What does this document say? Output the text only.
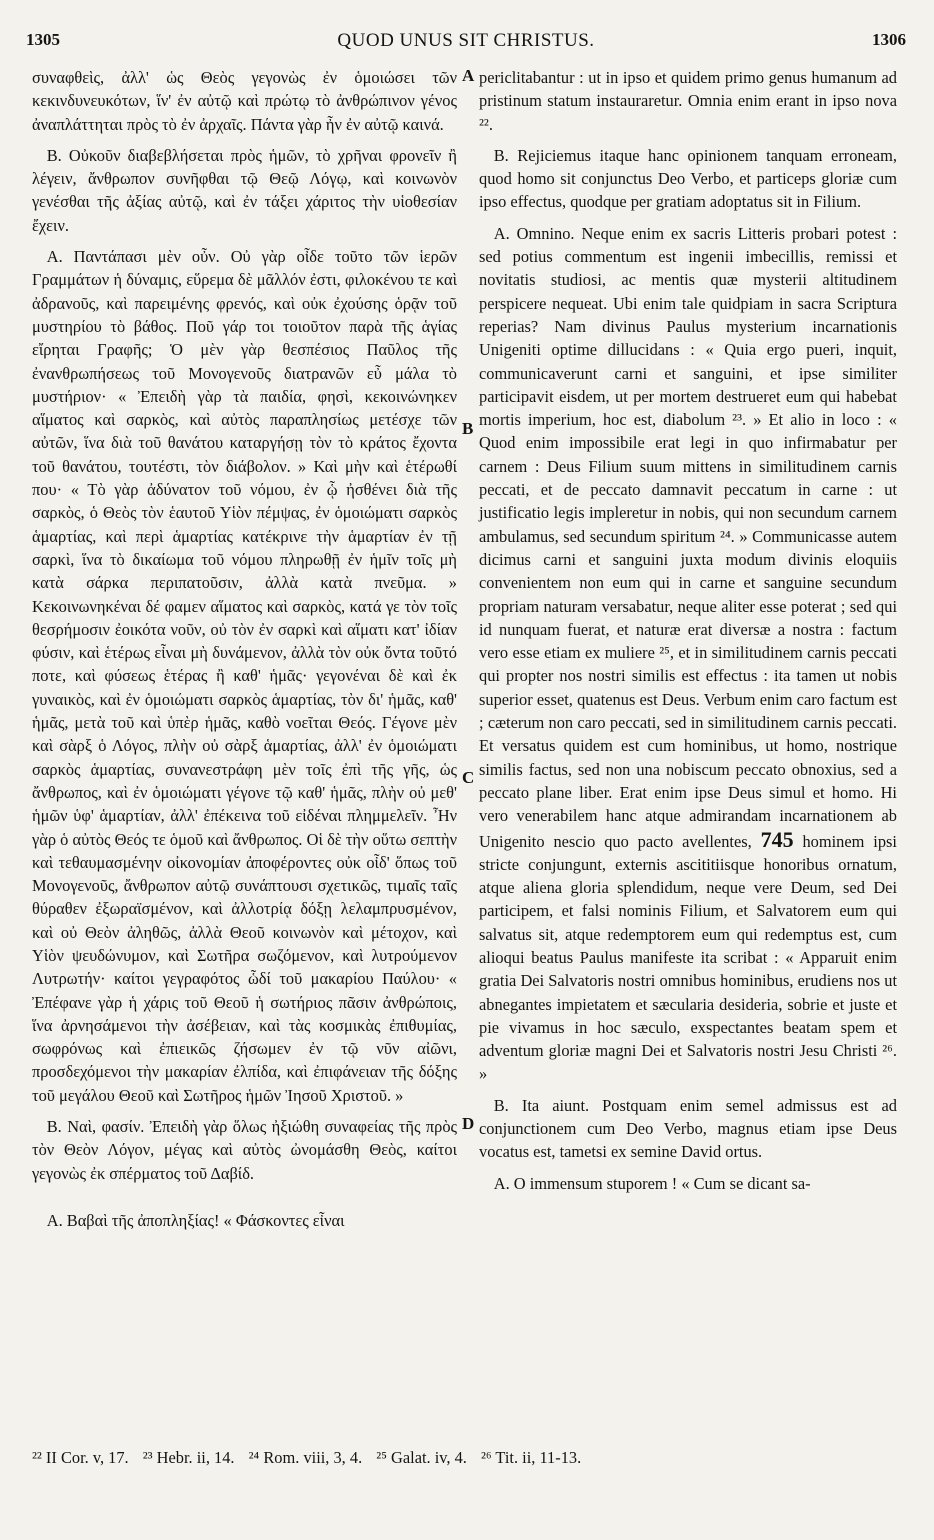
1305	QUOD UNUS SIT CHRISTUS.	1306

συναφθεὶς, ἀλλ' ὡς Θεὸς γεγονὼς ἐν ὁμοιώσει τῶν κεκινδυνευκότων, ἵν' ἐν αὐτῷ καὶ πρώτῳ τὸ ἀνθρώπινον γένος ἀναπλάττηται πρὸς τὸ ἐν ἀρχαῖς. Πάντα γὰρ ἦν ἐν αὐτῷ καινά.

B. Οὐκοῦν διαβεβλήσεται πρὸς ἡμῶν, τὸ χρῆναι φρονεῖν ἢ λέγειν, ἄνθρωπον συνῆφθαι τῷ Θεῷ Λόγῳ, καὶ κοινωνὸν γενέσθαι τῆς ἀξίας αὐτῷ, καὶ ἐν τάξει χάριτος τὴν υἱοθεσίαν ἔχειν.

A. Παντάπασι μὲν οὖν. Οὐ γὰρ οἶδε τοῦτο τῶν ἱερῶν Γραμμάτων ἡ δύναμις, εὕρεμα δὲ μᾶλλόν ἐστι, φιλοκένου τε καὶ ἀδρανοῦς, καὶ παρειμένης φρενός, καὶ οὐκ ἐχούσης ὁρᾷν τοῦ μυστηρίου τὸ βάθος. Ποῦ γάρ τοι τοιοῦτον παρὰ τῆς ἁγίας εἴρηται Γραφῆς; Ὁ μὲν γὰρ θεσπέσιος Παῦλος τῆς ἐνανθρωπήσεως τοῦ Μονογενοῦς διατρανῶν εὖ μάλα τὸ μυστήριον· « Ἐπειδὴ γὰρ τὰ παιδία, φησὶ, κεκοινώνηκεν αἵματος καὶ σαρκὸς, καὶ αὐτὸς παραπλησίως μετέσχε τῶν αὐτῶν, ἵνα διὰ τοῦ θανάτου καταργήσῃ τὸν τὸ κράτος ἔχοντα τοῦ θανάτου, τουτέστι, τὸν διάβολον. » Καὶ μὴν καὶ ἑτέρωθί που· « Τὸ γὰρ ἀδύνατον τοῦ νόμου, ἐν ᾧ ἠσθένει διὰ τῆς σαρκὸς, ὁ Θεὸς τὸν ἑαυτοῦ Υἱὸν πέμψας, ἐν ὁμοιώματι σαρκὸς ἁμαρτίας, καὶ περὶ ἁμαρτίας κατέκρινε τὴν ἁμαρτίαν ἐν τῇ σαρκὶ, ἵνα τὸ δικαίωμα τοῦ νόμου πληρωθῇ ἐν ἡμῖν τοῖς μὴ κατὰ σάρκα περιπατοῦσιν, ἀλλὰ κατὰ πνεῦμα. » Κεκοινωνηκέναι δέ φαμεν αἵματος καὶ σαρκὸς, κατά γε τὸν τοῖς θεσρήμοσιν ἐοικότα νοῦν, οὐ τὸν ἐν σαρκὶ καὶ αἵματι κατ' ἰδίαν φύσιν, καὶ ἑτέρως εἶναι μὴ δυνάμενον, ἀλλὰ τὸν οὐκ ὄντα τοῦτό ποτε, καὶ φύσεως ἑτέρας ἢ καθ' ἡμᾶς· γεγονέναι δὲ καὶ ἐκ γυναικὸς, καὶ ἐν ὁμοιώματι σαρκὸς ἁμαρτίας, τὸν δι' ἡμᾶς, καθ' ἡμᾶς, μετὰ τοῦ καὶ ὑπὲρ ἡμᾶς, καθὸ νοεῖται Θεός. Γέγονε μὲν καὶ σὰρξ ὁ Λόγος, πλὴν οὐ σὰρξ ἁμαρτίας, ἀλλ' ἐν ὁμοιώματι σαρκὸς ἁμαρτίας, συνανεστράφη μὲν τοῖς ἐπὶ τῆς γῆς, ὡς ἄνθρωπος, καὶ ἐν ὁμοιώματι γέγονε τῷ καθ' ἡμᾶς, πλὴν οὐ μεθ' ἡμῶν ὑφ' ἁμαρτίαν, ἀλλ' ἐπέκεινα τοῦ εἰδέναι πλημμελεῖν. Ἦν γὰρ ὁ αὐτὸς Θεός τε ὁμοῦ καὶ ἄνθρωπος. Οἱ δὲ τὴν οὕτω σεπτὴν καὶ τεθαυμασμένην οἰκονομίαν ἀποφέροντες οὐκ οἶδ' ὅπως τοῦ Μονογενοῦς, ἄνθρωπον αὐτῷ συνάπτουσι σχετικῶς, τιμαῖς ταῖς θύραθεν ἐξωραϊσμένον, καὶ ἀλλοτρίᾳ δόξῃ λελαμπρυσμένον, καὶ οὐ Θεὸν ἀληθῶς, ἀλλὰ Θεοῦ κοινωνὸν καὶ μέτοχον, καὶ Υἱὸν ψευδώνυμον, καὶ Σωτῆρα σωζόμενον, καὶ λυτρούμενον Λυτρωτήν· καίτοι γεγραφότος ὧδί τοῦ μακαρίου Παύλου· « Ἐπέφανε γὰρ ἡ χάρις τοῦ Θεοῦ ἡ σωτήριος πᾶσιν ἀνθρώποις, ἵνα ἀρνησάμενοι τὴν ἀσέβειαν, καὶ τὰς κοσμικὰς ἐπιθυμίας, σωφρόνως καὶ ἐπιεικῶς ζήσωμεν ἐν τῷ νῦν αἰῶνι, προσδεχόμενοι τὴν μακαρίαν ἐλπίδα, καὶ ἐπιφάνειαν τῆς δόξης τοῦ μεγάλου Θεοῦ καὶ Σωτῆρος ἡμῶν Ἰησοῦ Χριστοῦ. »

B. Ναὶ, φασίν. Ἐπειδὴ γὰρ ὅλως ἠξιώθη συναφείας τῆς πρὸς τὸν Θεὸν Λόγον, μέγας καὶ αὐτὸς ὠνομάσθη Θεὸς, καίτοι γεγονὼς ἐκ σπέρματος τοῦ Δαβίδ.

A. Βαβαὶ τῆς ἀποπληξίας! « Φάσκοντες εἶναι

A
B
C
D

periclitabantur : ut in ipso et quidem primo genus humanum ad pristinum statum instauraretur. Omnia enim erant in ipso nova ²².

B. Rejiciemus itaque hanc opinionem tanquam erroneam, quod homo sit conjunctus Deo Verbo, et particeps gloriæ cum ipso effectus, quodque per gratiam adoptatus sit in Filium.

A. Omnino. Neque enim ex sacris Litteris probari potest : sed potius commentum est ingenii imbecillis, remissi et novitatis studiosi, ac mentis quæ mysterii altitudinem perspicere nequeat. Ubi enim tale quidpiam in sacra Scriptura reperias? Nam divinus Paulus mysterium incarnationis Unigeniti optime dillucidans : « Quia ergo pueri, inquit, communicaverunt carni et sanguini, et ipse similiter participavit eisdem, ut per mortem destrueret eum qui habebat mortis imperium, hoc est, diabolum ²³. » Et alio in loco : « Quod enim impossibile erat legi in quo infirmabatur per carnem : Deus Filium suum mittens in similitudinem carnis peccati, et de peccato damnavit peccatum in carne : ut justificatio legis impleretur in nobis, qui non secundum carnem ambulamus, sed secundum spiritum ²⁴. » Communicasse autem dicimus carni et sanguini juxta modum divinis eloquiis convenientem non eum qui in carne et sanguine secundum propriam naturam versabatur, neque aliter esse poterat ; sed qui id nunquam fuerat, et naturæ erat diversæ a nostra : factum vero esse etiam ex muliere ²⁵, et in similitudinem carnis peccati qui propter nos nostri similis est effectus : ita tamen ut nobis superior esset, quatenus est Deus. Verbum enim caro factum est ; cæterum non caro peccati, sed in similitudinem carnis peccati. Et versatus quidem est cum hominibus, ut homo, nostrique similis factus, sed non una nobiscum peccato obnoxius, sed a peccato plane liber. Erat enim ipse Deus simul et homo. Hi vero venerabilem hanc atque admirandam incarnationem ab Unigenito nescio quo pacto avellentes, 745 hominem ipsi stricte conjungunt, externis ascititiisque honoribus ornatum, atque aliena gloria splendidum, neque vere Deum, sed Dei participem, et falsi nominis Filium, et Salvatorem eum qui salvatus sit, atque redemptorem eum qui redemptus est, cum alioqui beatus Paulus manifeste ita scribat : « Apparuit enim gratia Dei Salvatoris nostri omnibus hominibus, erudiens nos ut abnegantes impietatem et sæcularia desideria, sobrie et juste et pie vivamus in hoc sæculo, exspectantes beatam spem et adventum gloriæ magni Dei et Salvatoris nostri Jesu Christi ²⁶. »

B. Ita aiunt. Postquam enim semel admissus est ad conjunctionem cum Deo Verbo, magnus etiam ipse Deus vocatus est, tametsi ex semine David ortus.

A. O immensum stuporem ! « Cum se dicant sa-

²² II Cor. v, 17. ²³ Hebr. ii, 14. ²⁴ Rom. viii, 3, 4. ²⁵ Galat. iv, 4. ²⁶ Tit. ii, 11-13.
